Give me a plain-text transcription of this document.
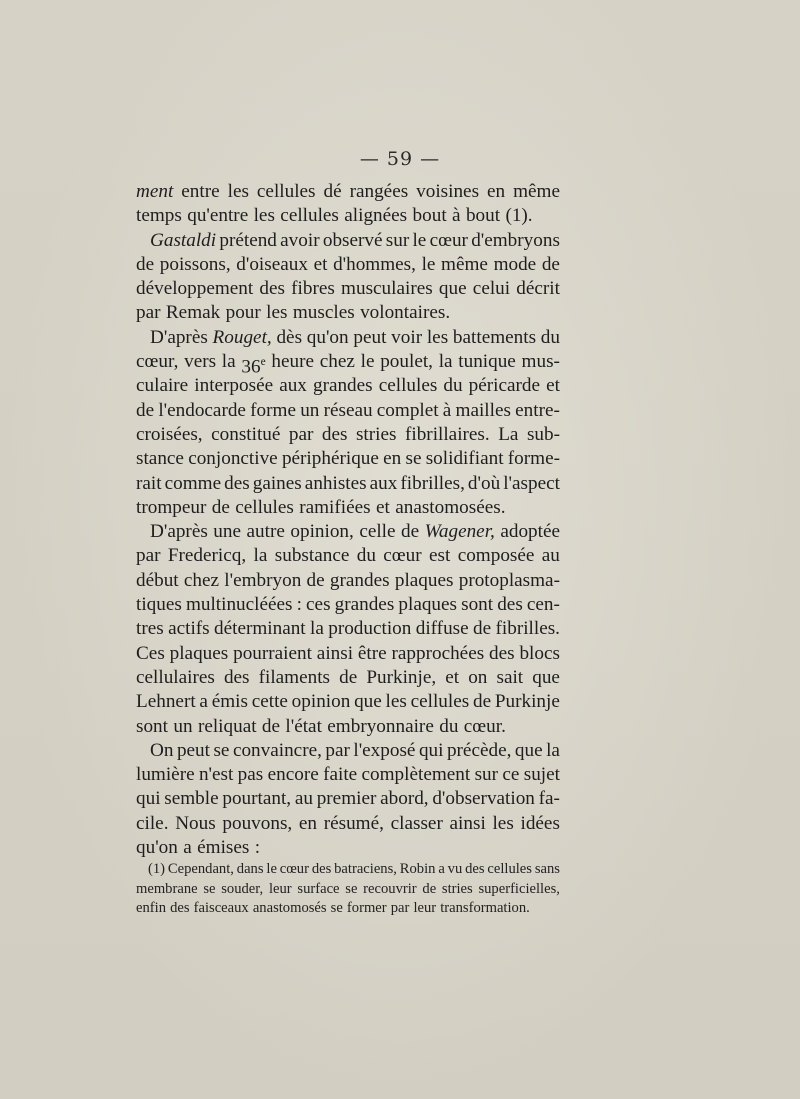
— 59 —
ment entre les cellules dé rangées voisines en même
temps qu'entre les cellules alignées bout à bout (1).
Gastaldi prétend avoir observé sur le cœur d'embryons
de poissons, d'oiseaux et d'hommes, le même mode de
développement des fibres musculaires que celui décrit
par Remak pour les muscles volontaires.
D'après Rouget, dès qu'on peut voir les battements du
cœur, vers la 36e heure chez le poulet, la tunique mus-
culaire interposée aux grandes cellules du péricarde et
de l'endocarde forme un réseau complet à mailles entre-
croisées, constitué par des stries fibrillaires. La sub-
stance conjonctive périphérique en se solidifiant forme-
rait comme des gaines anhistes aux fibrilles, d'où l'aspect
trompeur de cellules ramifiées et anastomosées.
D'après une autre opinion, celle de Wagener, adoptée
par Fredericq, la substance du cœur est composée au
début chez l'embryon de grandes plaques protoplasma-
tiques multinucléées : ces grandes plaques sont des cen-
tres actifs déterminant la production diffuse de fibrilles.
Ces plaques pourraient ainsi être rapprochées des blocs
cellulaires des filaments de Purkinje, et on sait que
Lehnert a émis cette opinion que les cellules de Purkinje
sont un reliquat de l'état embryonnaire du cœur.
On peut se convaincre, par l'exposé qui précède, que la
lumière n'est pas encore faite complètement sur ce sujet
qui semble pourtant, au premier abord, d'observation fa-
cile. Nous pouvons, en résumé, classer ainsi les idées
qu'on a émises :
(1) Cependant, dans le cœur des batraciens, Robin a vu des cellules sans
membrane se souder, leur surface se recouvrir de stries superficielles,
enfin des faisceaux anastomosés se former par leur transformation.
